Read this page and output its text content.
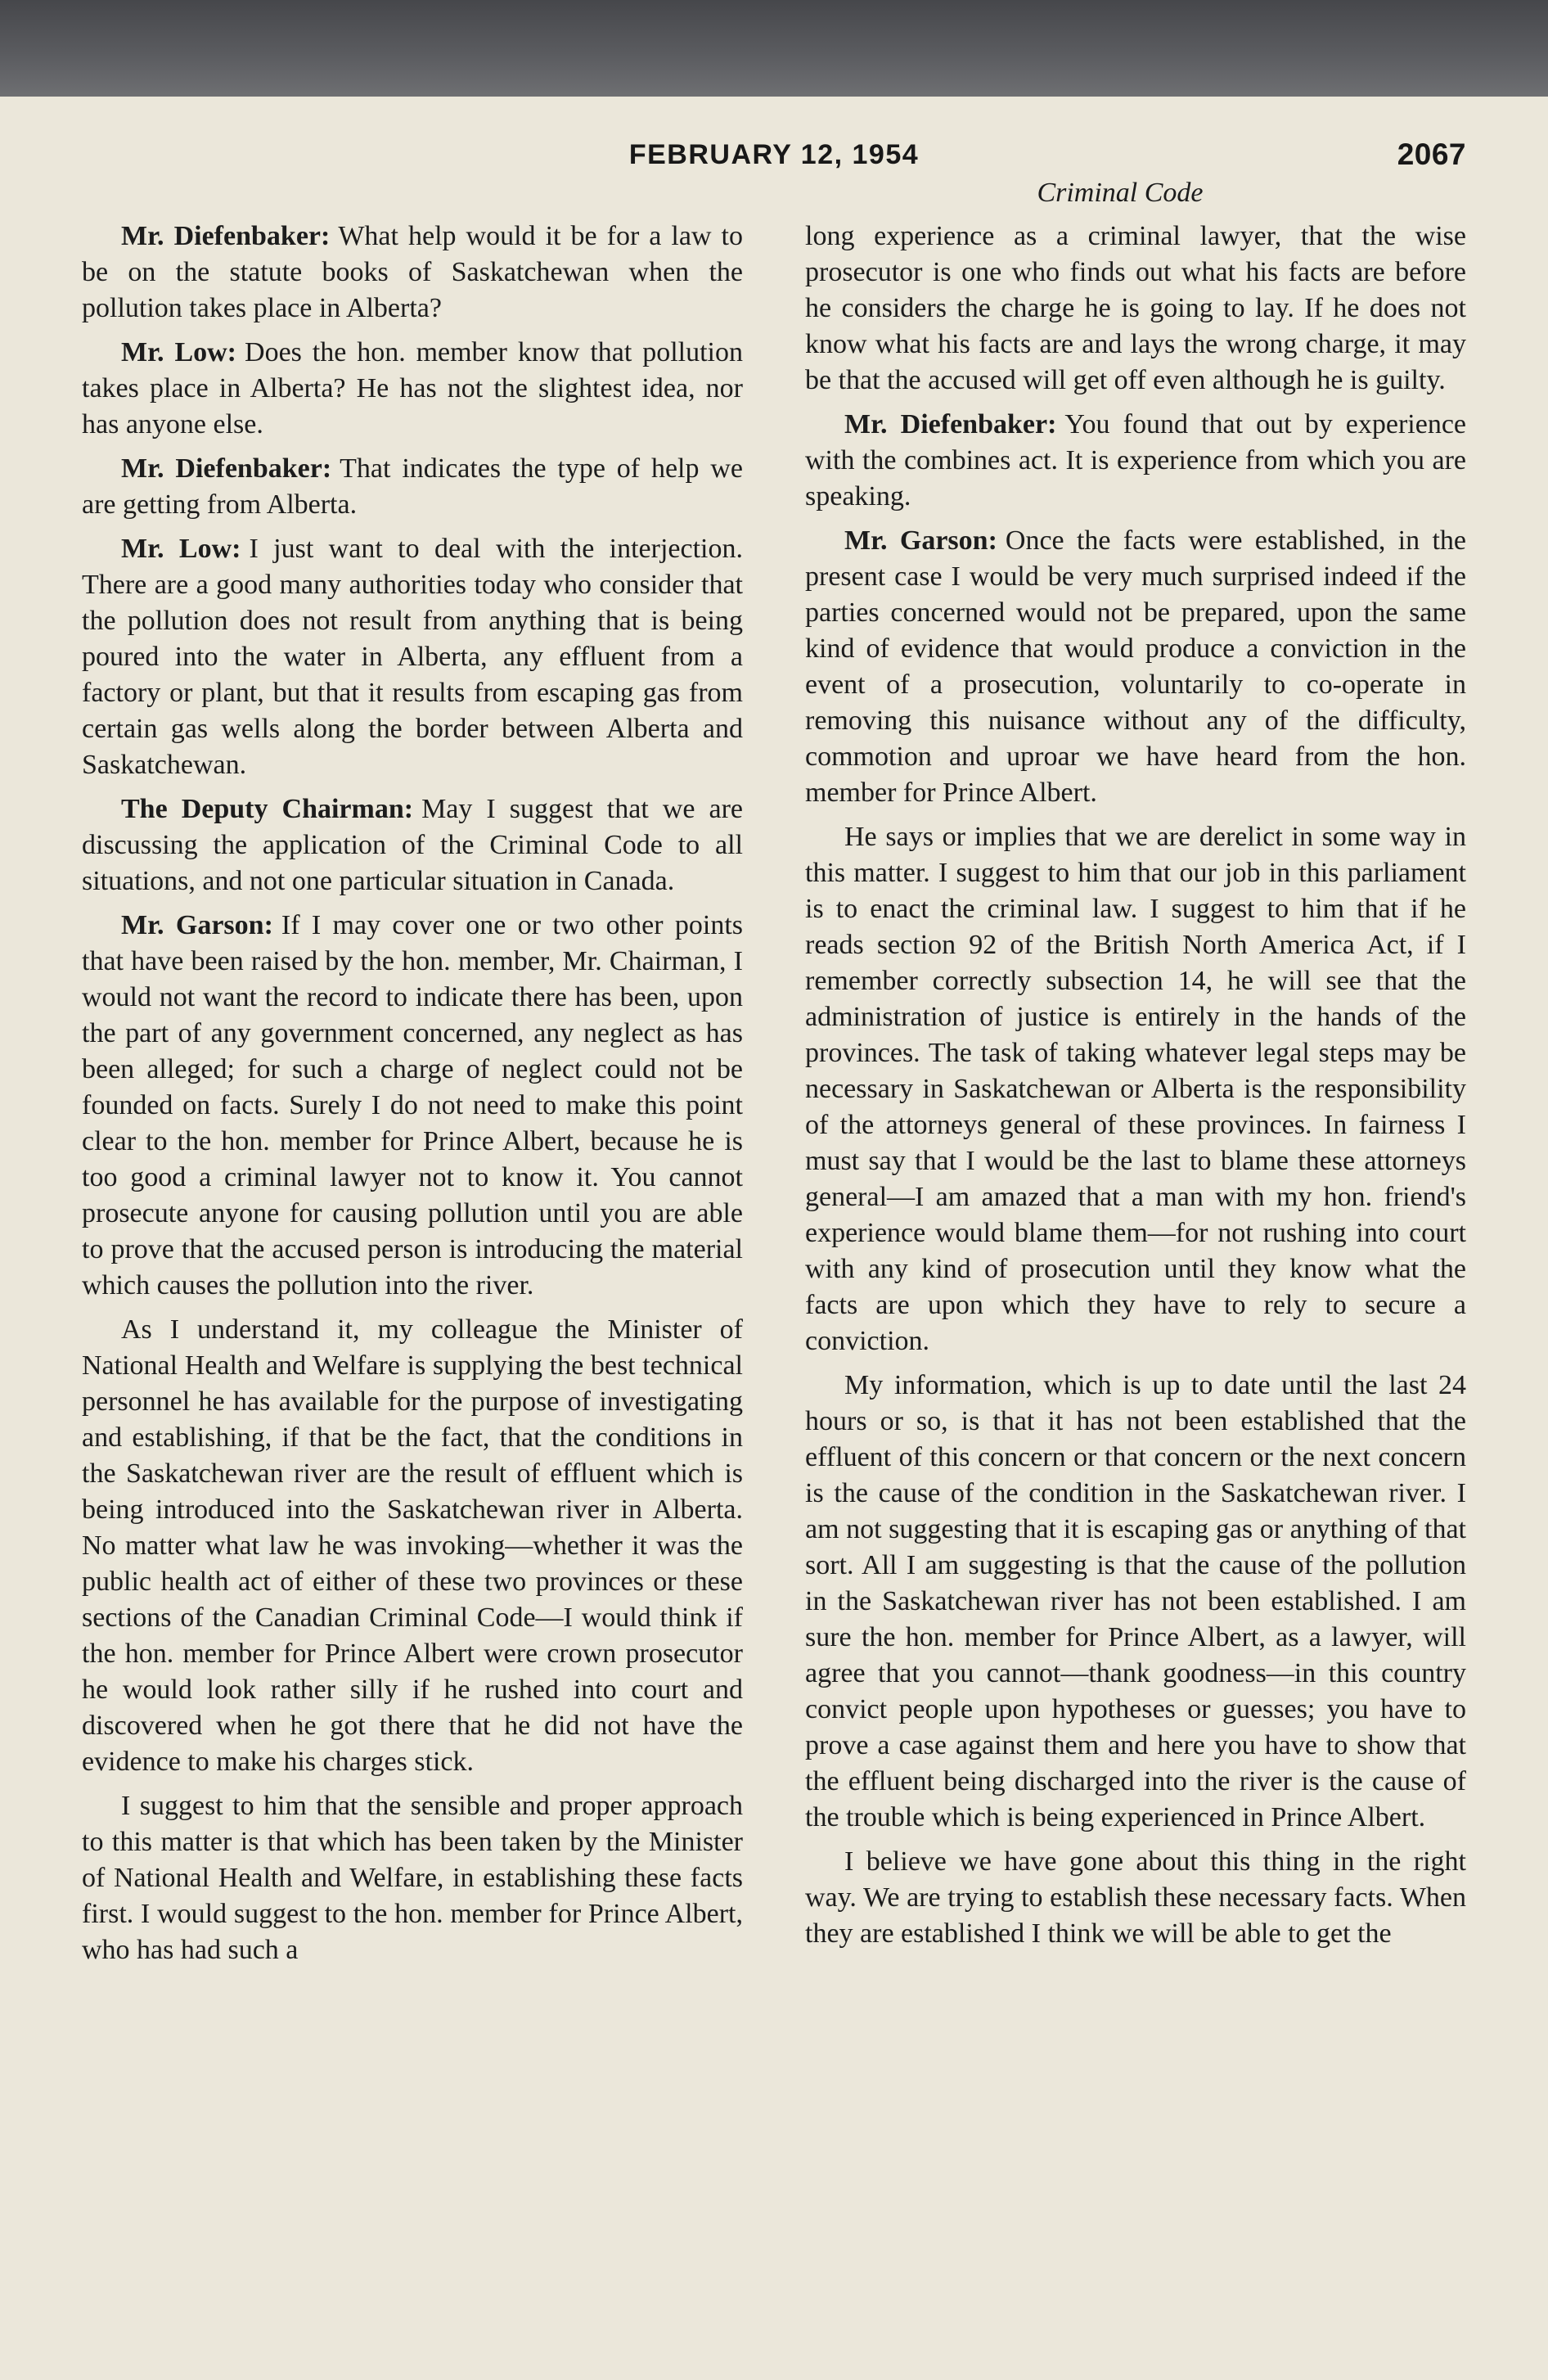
FEBRUARY 12, 1954	2067
Criminal Code

Mr. Diefenbaker: What help would it be for a law to be on the statute books of Saskatchewan when the pollution takes place in Alberta?

Mr. Low: Does the hon. member know that pollution takes place in Alberta? He has not the slightest idea, nor has anyone else.

Mr. Diefenbaker: That indicates the type of help we are getting from Alberta.

Mr. Low: I just want to deal with the interjection. There are a good many authorities today who consider that the pollution does not result from anything that is being poured into the water in Alberta, any effluent from a factory or plant, but that it results from escaping gas from certain gas wells along the border between Alberta and Saskatchewan.

The Deputy Chairman: May I suggest that we are discussing the application of the Criminal Code to all situations, and not one particular situation in Canada.

Mr. Garson: If I may cover one or two other points that have been raised by the hon. member, Mr. Chairman, I would not want the record to indicate there has been, upon the part of any government concerned, any neglect as has been alleged; for such a charge of neglect could not be founded on facts. Surely I do not need to make this point clear to the hon. member for Prince Albert, because he is too good a criminal lawyer not to know it. You cannot prosecute anyone for causing pollution until you are able to prove that the accused person is introducing the material which causes the pollution into the river.

As I understand it, my colleague the Minister of National Health and Welfare is supplying the best technical personnel he has available for the purpose of investigating and establishing, if that be the fact, that the conditions in the Saskatchewan river are the result of effluent which is being introduced into the Saskatchewan river in Alberta. No matter what law he was invoking—whether it was the public health act of either of these two provinces or these sections of the Canadian Criminal Code—I would think if the hon. member for Prince Albert were crown prosecutor he would look rather silly if he rushed into court and discovered when he got there that he did not have the evidence to make his charges stick.

I suggest to him that the sensible and proper approach to this matter is that which has been taken by the Minister of National Health and Welfare, in establishing these facts first. I would suggest to the hon. member for Prince Albert, who has had such a

long experience as a criminal lawyer, that the wise prosecutor is one who finds out what his facts are before he considers the charge he is going to lay. If he does not know what his facts are and lays the wrong charge, it may be that the accused will get off even although he is guilty.

Mr. Diefenbaker: You found that out by experience with the combines act. It is experience from which you are speaking.

Mr. Garson: Once the facts were established, in the present case I would be very much surprised indeed if the parties concerned would not be prepared, upon the same kind of evidence that would produce a conviction in the event of a prosecution, voluntarily to co-operate in removing this nuisance without any of the difficulty, commotion and uproar we have heard from the hon. member for Prince Albert.

He says or implies that we are derelict in some way in this matter. I suggest to him that our job in this parliament is to enact the criminal law. I suggest to him that if he reads section 92 of the British North America Act, if I remember correctly subsection 14, he will see that the administration of justice is entirely in the hands of the provinces. The task of taking whatever legal steps may be necessary in Saskatchewan or Alberta is the responsibility of the attorneys general of these provinces. In fairness I must say that I would be the last to blame these attorneys general—I am amazed that a man with my hon. friend's experience would blame them—for not rushing into court with any kind of prosecution until they know what the facts are upon which they have to rely to secure a conviction.

My information, which is up to date until the last 24 hours or so, is that it has not been established that the effluent of this concern or that concern or the next concern is the cause of the condition in the Saskatchewan river. I am not suggesting that it is escaping gas or anything of that sort. All I am suggesting is that the cause of the pollution in the Saskatchewan river has not been established. I am sure the hon. member for Prince Albert, as a lawyer, will agree that you cannot—thank goodness—in this country convict people upon hypotheses or guesses; you have to prove a case against them and here you have to show that the effluent being discharged into the river is the cause of the trouble which is being experienced in Prince Albert.

I believe we have gone about this thing in the right way. We are trying to establish these necessary facts. When they are established I think we will be able to get the
